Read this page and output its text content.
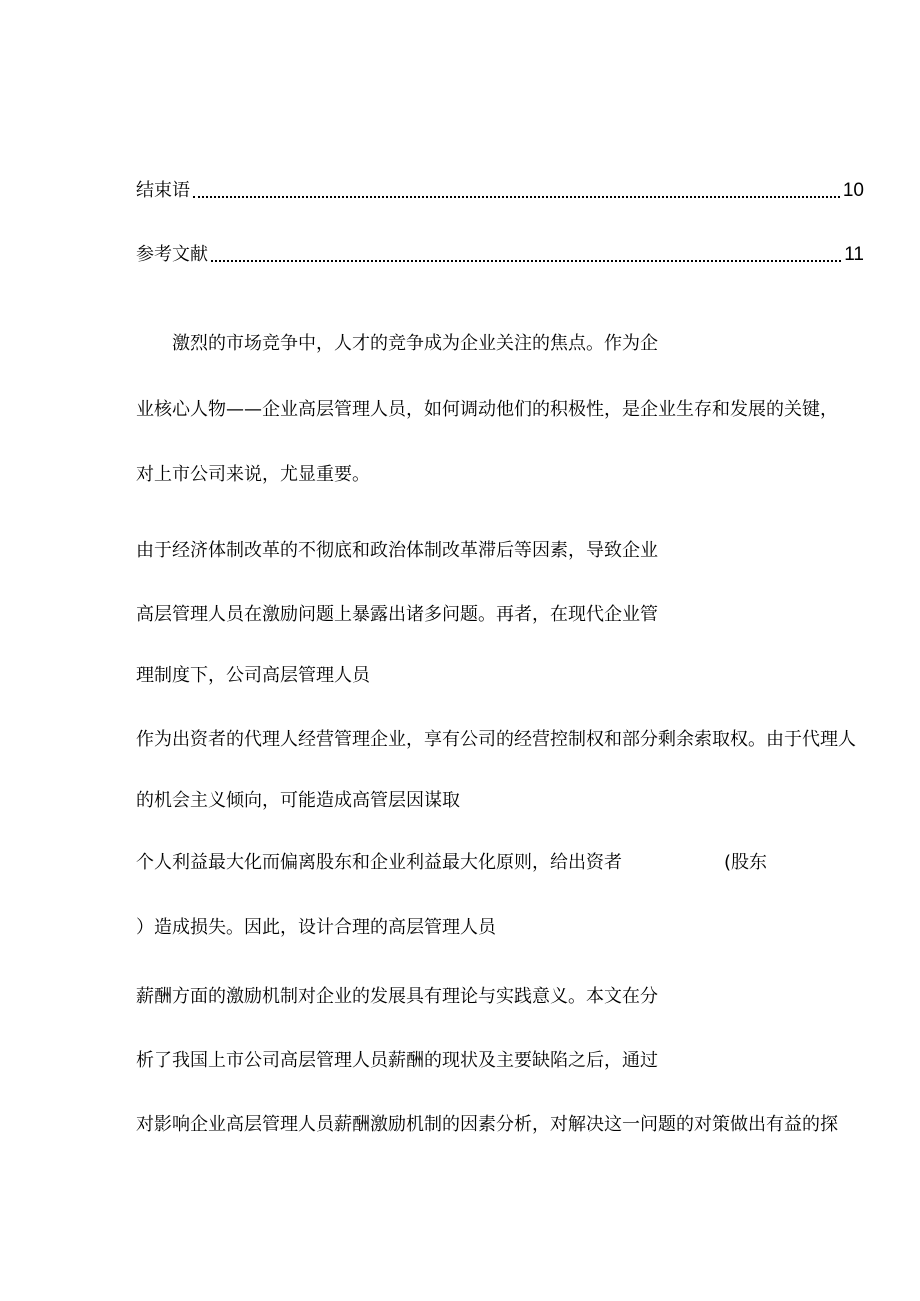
结束语	10
参考文献	11
激烈的市场竞争中，人才的竞争成为企业关注的焦点。作为企
业核心人物——企业高层管理人员，如何调动他们的积极性，是企业生存和发展的关键，
对上市公司来说，尤显重要。
由于经济体制改革的不彻底和政治体制改革滞后等因素，导致企业
高层管理人员在激励问题上暴露出诸多问题。再者，在现代企业管
理制度下，公司高层管理人员
作为出资者的代理人经营管理企业，享有公司的经营控制权和部分剩余索取权。由于代理人
的机会主义倾向，可能造成高管层因谋取
个人利益最大化而偏离股东和企业利益最大化原则，给出资者	(股东
）造成损失。因此，设计合理的高层管理人员
薪酬方面的激励机制对企业的发展具有理论与实践意义。本文在分
析了我国上市公司高层管理人员薪酬的现状及主要缺陷之后，通过
对影响企业高层管理人员薪酬激励机制的因素分析，对解决这一问题的对策做出有益的探
